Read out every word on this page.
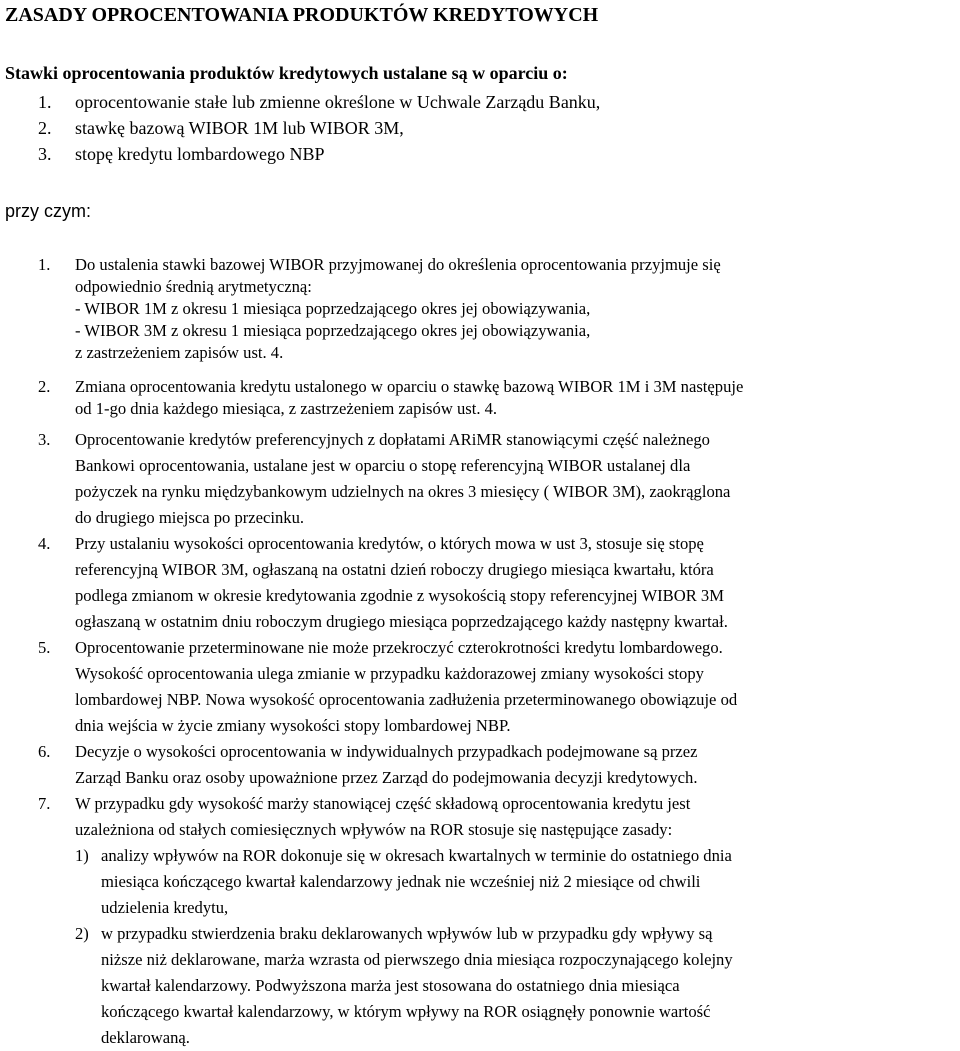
ZASADY OPROCENTOWANIA PRODUKTÓW KREDYTOWYCH
Stawki oprocentowania produktów kredytowych ustalane są w oparciu o:
1. oprocentowanie stałe lub zmienne określone w Uchwale Zarządu Banku,
2. stawkę bazową WIBOR 1M lub WIBOR 3M,
3. stopę kredytu lombardowego NBP
przy czym:
1. Do ustalenia stawki bazowej WIBOR przyjmowanej do określenia oprocentowania przyjmuje się
odpowiednio średnią arytmetyczną:
- WIBOR 1M z okresu 1 miesiąca poprzedzającego okres jej obowiązywania,
- WIBOR 3M z okresu 1 miesiąca poprzedzającego okres jej obowiązywania,
z zastrzeżeniem zapisów ust. 4.
2. Zmiana oprocentowania kredytu ustalonego w oparciu o stawkę bazową WIBOR 1M i 3M następuje
od 1-go dnia każdego miesiąca, z zastrzeżeniem zapisów ust. 4.
3. Oprocentowanie kredytów preferencyjnych z dopłatami ARiMR stanowiącymi część należnego
Bankowi oprocentowania, ustalane jest w oparciu o stopę referencyjną WIBOR ustalanej dla
pożyczek na rynku międzybankowym udzielnych na okres 3 miesięcy ( WIBOR 3M), zaokrąglona
do drugiego miejsca po przecinku.
4. Przy ustalaniu wysokości oprocentowania kredytów, o których mowa w ust 3, stosuje się stopę
referencyjną WIBOR 3M, ogłaszaną na ostatni dzień roboczy drugiego miesiąca kwartału, która
podlega zmianom w okresie kredytowania zgodnie z wysokością stopy referencyjnej WIBOR 3M
ogłaszaną w ostatnim dniu roboczym drugiego miesiąca poprzedzającego każdy następny kwartał.
5. Oprocentowanie przeterminowane nie może przekroczyć czterokrotności kredytu lombardowego.
Wysokość oprocentowania ulega zmianie w przypadku każdorazowej zmiany wysokości stopy
lombardowej NBP. Nowa wysokość oprocentowania zadłużenia przeterminowanego obowiązuje od
dnia wejścia w życie zmiany wysokości stopy lombardowej NBP.
6. Decyzje o wysokości oprocentowania w indywidualnych przypadkach podejmowane są przez
Zarząd Banku oraz osoby upoważnione przez Zarząd do podejmowania decyzji kredytowych.
7. W przypadku gdy wysokość marży stanowiącej część składową oprocentowania kredytu jest
uzależniona od stałych comiesięcznych wpływów na ROR stosuje się następujące zasady:
1) analizy wpływów na ROR dokonuje się w okresach kwartalnych w terminie do ostatniego dnia
miesiąca kończącego kwartał kalendarzowy jednak nie wcześniej niż 2 miesiące od chwili
udzielenia kredytu,
2) w przypadku stwierdzenia braku deklarowanych wpływów lub w przypadku gdy wpływy są
niższe niż deklarowane, marża wzrasta od pierwszego dnia miesiąca rozpoczynającego kolejny
kwartał kalendarzowy. Podwyższona marża jest stosowana do ostatniego dnia miesiąca
kończącego kwartał kalendarzowy, w którym wpływy na ROR osiągnęły ponownie wartość
deklarowaną.
